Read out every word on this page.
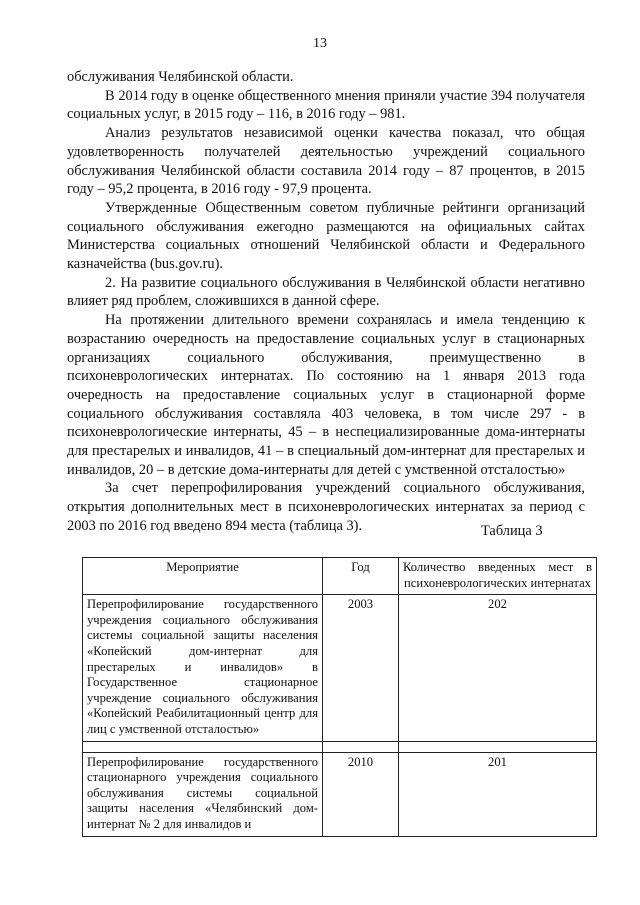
13

обслуживания Челябинской области.

В 2014 году в оценке общественного мнения приняли участие 394 получателя социальных услуг, в 2015 году – 116, в 2016 году – 981.

Анализ результатов независимой оценки качества показал, что общая удовлетворенность получателей деятельностью учреждений социального обслуживания Челябинской области составила 2014 году – 87 процентов, в 2015 году – 95,2 процента, в 2016 году - 97,9 процента.

Утвержденные Общественным советом публичные рейтинги организаций социального обслуживания ежегодно размещаются на официальных сайтах Министерства социальных отношений Челябинской области и Федерального казначейства (bus.gov.ru).

2. На развитие социального обслуживания в Челябинской области негативно влияет ряд проблем, сложившихся в данной сфере.

На протяжении длительного времени сохранялась и имела тенденцию к возрастанию очередность на предоставление социальных услуг в стационарных организациях социального обслуживания, преимущественно в психоневрологических интернатах. По состоянию на 1 января 2013 года очередность на предоставление социальных услуг в стационарной форме социального обслуживания составляла 403 человека, в том числе 297 - в психоневрологические интернаты, 45 – в неспециализированные дома-интернаты для престарелых и инвалидов, 41 – в специальный дом-интернат для престарелых и инвалидов, 20 – в детские дома-интернаты для детей с умственной отсталостью»

За счет перепрофилирования учреждений социального обслуживания, открытия дополнительных мест в психоневрологических интернатах за период с 2003 по 2016 год введено 894 места (таблица 3).	Таблица 3
Мероприятие	Год	Количество введенных мест в
психоневрологических интернатах

Перепрофилирование государственного учреждения социального обслуживания системы социальной защиты населения «Копейский дом-интернат для престарелых и инвалидов» в Государственное стационарное учреждение социального обслуживания «Копейский Реабилитационный центр для лиц с умственной отсталостью»	2003	202

Перепрофилирование государственного стационарного учреждения социального обслуживания системы социальной защиты населения «Челябинский дом-интернат № 2 для инвалидов и	2010	201
